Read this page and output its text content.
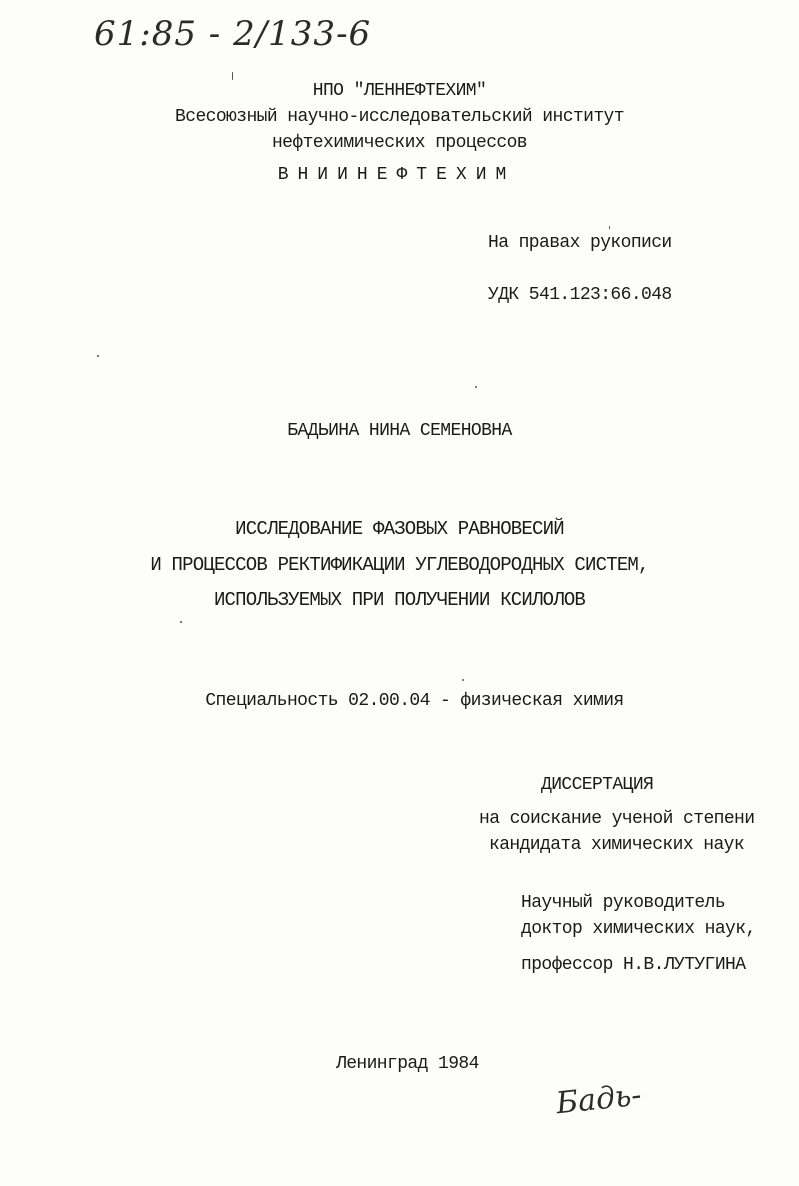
61:85 - 2/133-6
НПО "ЛЕННЕФТЕХИМ"
Всесоюзный научно-исследовательский институт
нефтехимических процессов
ВНИИНЕФТЕХИМ
На правах рукописи
УДК 541.123:66.048
БАДЬИНА НИНА СЕМЕНОВНА
ИССЛЕДОВАНИЕ ФАЗОВЫХ РАВНОВЕСИЙ
И ПРОЦЕССОВ РЕКТИФИКАЦИИ УГЛЕВОДОРОДНЫХ СИСТЕМ,
ИСПОЛЬЗУЕМЫХ ПРИ ПОЛУЧЕНИИ КСИЛОЛОВ
Специальность 02.00.04 - физическая химия
ДИССЕРТАЦИЯ
на соискание ученой степени
кандидата химических наук
Научный руководитель
доктор химических наук,
профессор Н.В.ЛУТУГИНА
Ленинград 1984
Бадь-
